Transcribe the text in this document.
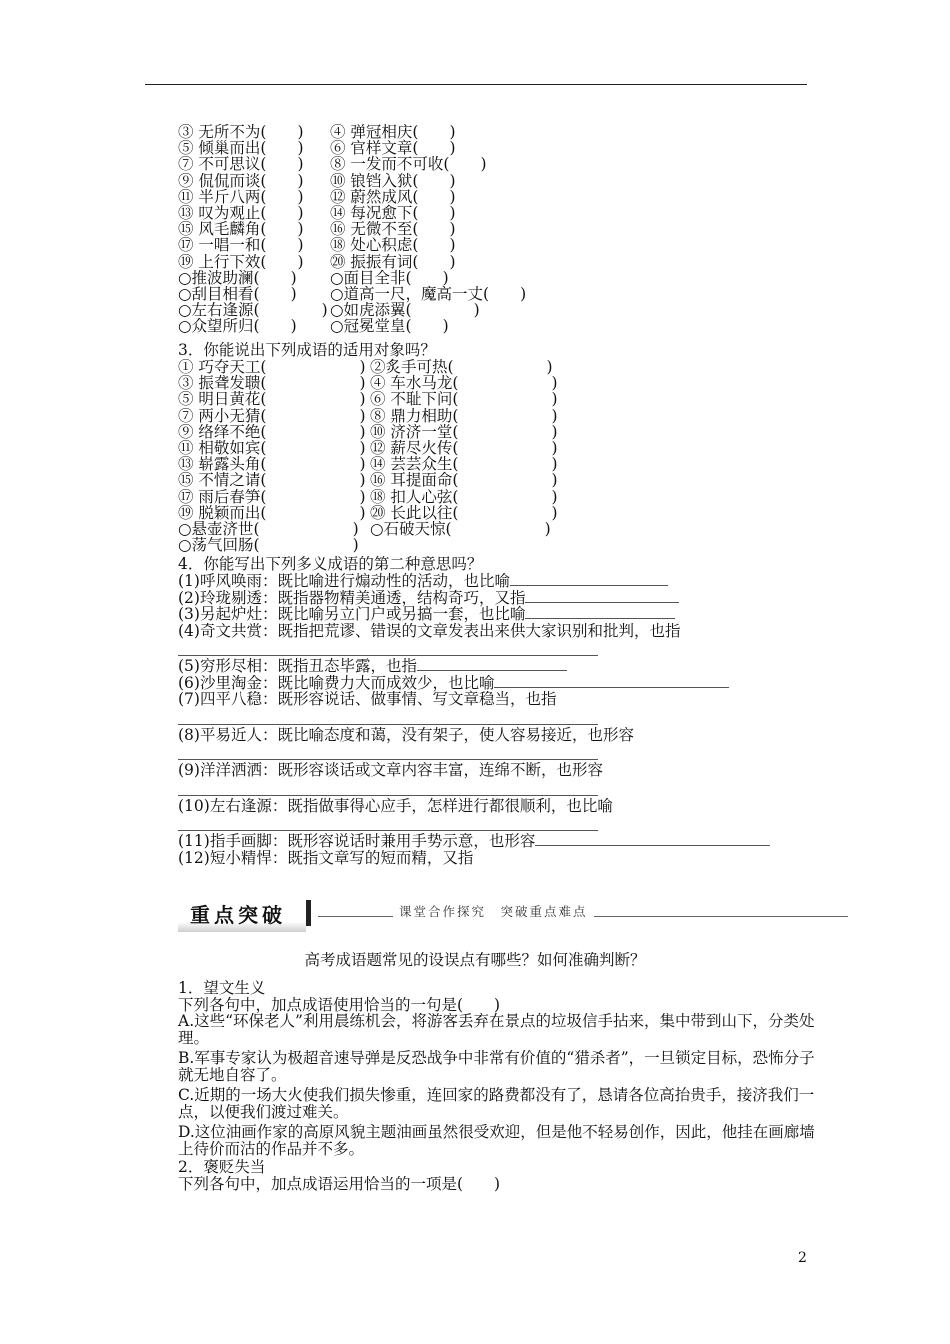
③ 无所不为(　　) ④ 弹冠相庆(　　)
⑤ 倾巢而出(　　) ⑥ 官样文章(　　)
⑦ 不可思议(　　) ⑧ 一发而不可收(　　)
⑨ 侃侃而谈(　　) ⑩ 锒铛入狱(　　)
⑪ 半斤八两(　　) ⑫ 蔚然成风(　　)
⑬ 叹为观止(　　) ⑭ 每况愈下(　　)
⑮ 风毛麟角(　　) ⑯ 无微不至(　　)
⑰ 一唱一和(　　) ⑱ 处心积虑(　　)
⑲ 上行下效(　　) ⑳ 振振有词(　　)
○推波助澜(　　) ○面目全非(　　)
○刮目相看(　　) ○道高一尺，魔高一丈(　　)
○左右逢源(　　　　) ○如虎添翼(　　　　)
○众望所归(　　) ○冠冕堂皇(　　)
3．你能说出下列成语的适用对象吗？
① 巧夺天工(　　　　　　) ②炙手可热(　　　　　　)
③ 振聋发聩(　　　　　　) ④ 车水马龙(　　　　　　)
⑤ 明日黄花(　　　　　　) ⑥ 不耻下问(　　　　　　)
⑦ 两小无猜(　　　　　　) ⑧ 鼎力相助(　　　　　　)
⑨ 络绎不绝(　　　　　　) ⑩ 济济一堂(　　　　　　)
⑪ 相敬如宾(　　　　　　) ⑫ 薪尽火传(　　　　　　)
⑬ 崭露头角(　　　　　　) ⑭ 芸芸众生(　　　　　　)
⑮ 不情之请(　　　　　　) ⑯ 耳提面命(　　　　　　)
⑰ 雨后春笋(　　　　　　) ⑱ 扣人心弦(　　　　　　)
⑲ 脱颖而出(　　　　　　) ⑳ 长此以往(　　　　　　)
○悬壶济世(　　　　　　) ○石破天惊(　　　　　　)
○荡气回肠(　　　　　　)
4．你能写出下列多义成语的第二种意思吗？
(1)呼风唤雨：既比喻进行煽动性的活动，也比喻
(2)玲珑剔透：既指器物精美通透，结构奇巧，又指
(3)另起炉灶：既比喻另立门户或另搞一套，也比喻
(4)奇文共赏：既指把荒谬、错误的文章发表出来供大家识别和批判，也指
(5)穷形尽相：既指丑态毕露，也指
(6)沙里淘金：既比喻费力大而成效少，也比喻
(7)四平八稳：既形容说话、做事情、写文章稳当，也指
(8)平易近人：既比喻态度和蔼，没有架子，使人容易接近，也形容
(9)洋洋洒洒：既形容谈话或文章内容丰富，连绵不断，也形容
(10)左右逢源：既指做事得心应手，怎样进行都很顺利，也比喻
(11)指手画脚：既形容说话时兼用手势示意，也形容
(12)短小精悍：既指文章写的短而精，又指
重点突破	课堂合作探究　突破重点难点
高考成语题常见的设误点有哪些？如何准确判断？
1．望文生义
下列各句中，加点成语使用恰当的一句是(　　)
A.这些“环保老人”利用晨练机会，将游客丢弃在景点的垃圾信手拈来，集中带到山下，分类处理。
B.军事专家认为极超音速导弹是反恐战争中非常有价值的“猎杀者”，一旦锁定目标，恐怖分子就无地自容了。
C.近期的一场大火使我们损失惨重，连回家的路费都没有了，恳请各位高抬贵手，接济我们一点，以便我们渡过难关。
D.这位油画作家的高原风貌主题油画虽然很受欢迎，但是他不轻易创作，因此，他挂在画廊墙上待价而沽的作品并不多。
2．褒贬失当
下列各句中，加点成语运用恰当的一项是(　　)
2
